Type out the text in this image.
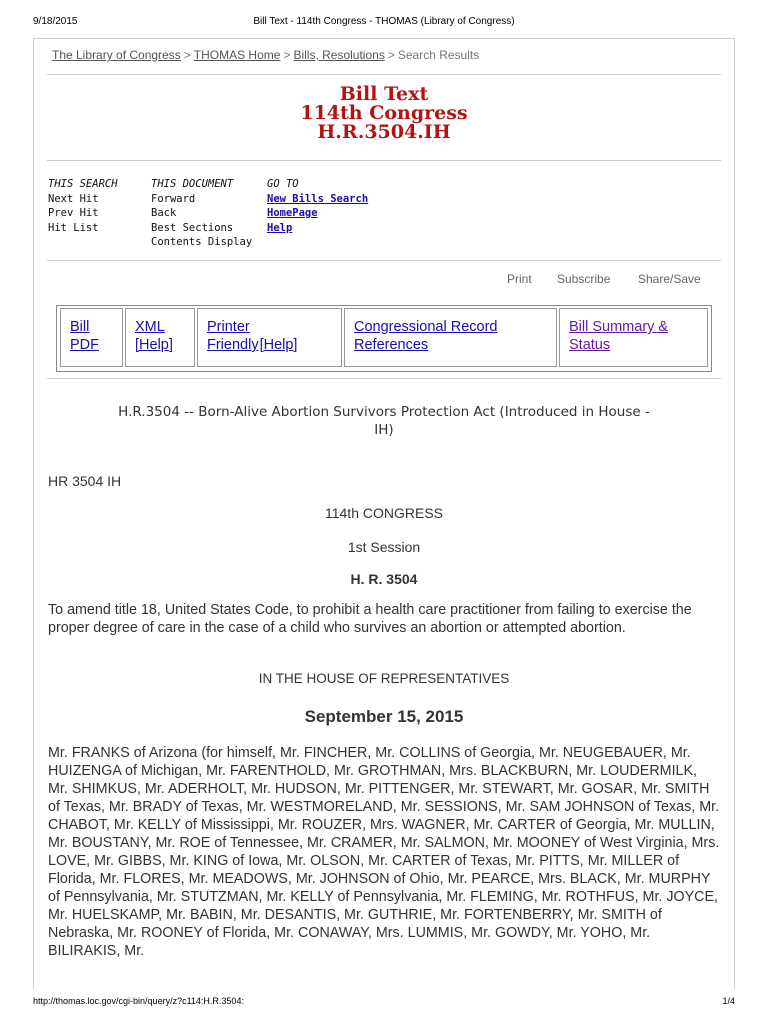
9/18/2015	Bill Text - 114th Congress - THOMAS (Library of Congress)
The Library of Congress > THOMAS Home > Bills, Resolutions > Search Results
Bill Text
114th Congress
H.R.3504.IH
THIS SEARCH
Next Hit
Prev Hit
Hit List
THIS DOCUMENT
Forward
Back
Best Sections
Contents Display
GO TO
New Bills Search
HomePage
Help
Print Subscribe Share/Save
Bill
PDF
XML
[Help]
Printer
Friendly[Help]
Congressional Record
References
Bill Summary &
Status
H.R.3504 -- Born-Alive Abortion Survivors Protection Act (Introduced in House -
IH)
HR 3504 IH
114th CONGRESS
1st Session
H. R. 3504
To amend title 18, United States Code, to prohibit a health care practitioner from failing to exercise the proper degree of care in the case of a child who survives an abortion or attempted abortion.
IN THE HOUSE OF REPRESENTATIVES
September 15, 2015
Mr. FRANKS of Arizona (for himself, Mr. FINCHER, Mr. COLLINS of Georgia, Mr. NEUGEBAUER, Mr. HUIZENGA of Michigan, Mr. FARENTHOLD, Mr. GROTHMAN, Mrs. BLACKBURN, Mr. LOUDERMILK, Mr. SHIMKUS, Mr. ADERHOLT, Mr. HUDSON, Mr. PITTENGER, Mr. STEWART, Mr. GOSAR, Mr. SMITH of Texas, Mr. BRADY of Texas, Mr. WESTMORELAND, Mr. SESSIONS, Mr. SAM JOHNSON of Texas, Mr. CHABOT, Mr. KELLY of Mississippi, Mr. ROUZER, Mrs. WAGNER, Mr. CARTER of Georgia, Mr. MULLIN, Mr. BOUSTANY, Mr. ROE of Tennessee, Mr. CRAMER, Mr. SALMON, Mr. MOONEY of West Virginia, Mrs. LOVE, Mr. GIBBS, Mr. KING of Iowa, Mr. OLSON, Mr. CARTER of Texas, Mr. PITTS, Mr. MILLER of Florida, Mr. FLORES, Mr. MEADOWS, Mr. JOHNSON of Ohio, Mr. PEARCE, Mrs. BLACK, Mr. MURPHY of Pennsylvania, Mr. STUTZMAN, Mr. KELLY of Pennsylvania, Mr. FLEMING, Mr. ROTHFUS, Mr. JOYCE, Mr. HUELSKAMP, Mr. BABIN, Mr. DESANTIS, Mr. GUTHRIE, Mr. FORTENBERRY, Mr. SMITH of Nebraska, Mr. ROONEY of Florida, Mr. CONAWAY, Mrs. LUMMIS, Mr. GOWDY, Mr. YOHO, Mr. BILIRAKIS, Mr.
http://thomas.loc.gov/cgi-bin/query/z?c114:H.R.3504:	1/4
